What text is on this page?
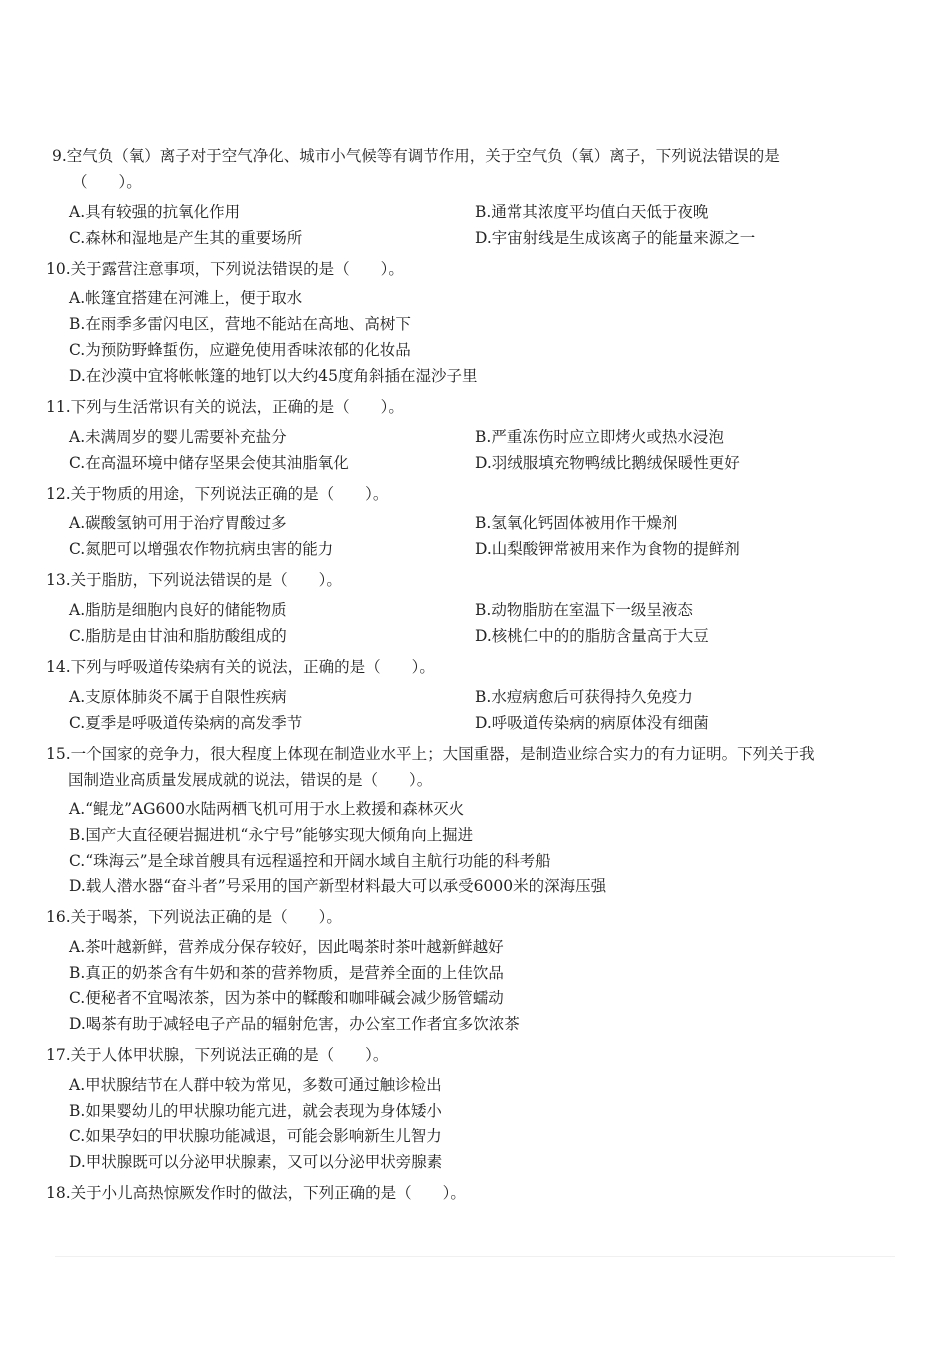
9.空气负（氧）离子对于空气净化、城市小气候等有调节作用，关于空气负（氧）离子，下列说法错误的是
（　　）。
A.具有较强的抗氧化作用	B.通常其浓度平均值白天低于夜晚
C.森林和湿地是产生其的重要场所	D.宇宙射线是生成该离子的能量来源之一
10.关于露营注意事项，下列说法错误的是（　　）。
A.帐篷宜搭建在河滩上，便于取水
B.在雨季多雷闪电区，营地不能站在高地、高树下
C.为预防野蜂蜇伤，应避免使用香味浓郁的化妆品
D.在沙漠中宜将帐帐篷的地钉以大约45度角斜插在湿沙子里
11.下列与生活常识有关的说法，正确的是（　　）。
A.未满周岁的婴儿需要补充盐分	B.严重冻伤时应立即烤火或热水浸泡
C.在高温环境中储存坚果会使其油脂氧化	D.羽绒服填充物鸭绒比鹅绒保暖性更好
12.关于物质的用途，下列说法正确的是（　　）。
A.碳酸氢钠可用于治疗胃酸过多	B.氢氧化钙固体被用作干燥剂
C.氮肥可以增强农作物抗病虫害的能力	D.山梨酸钾常被用来作为食物的提鲜剂
13.关于脂肪，下列说法错误的是（　　）。
A.脂肪是细胞内良好的储能物质	B.动物脂肪在室温下一级呈液态
C.脂肪是由甘油和脂肪酸组成的	D.核桃仁中的的脂肪含量高于大豆
14.下列与呼吸道传染病有关的说法，正确的是（　　）。
A.支原体肺炎不属于自限性疾病	B.水痘病愈后可获得持久免疫力
C.夏季是呼吸道传染病的高发季节	D.呼吸道传染病的病原体没有细菌
15.一个国家的竞争力，很大程度上体现在制造业水平上；大国重器，是制造业综合实力的有力证明。下列关于我
国制造业高质量发展成就的说法，错误的是（　　）。
A.“鲲龙”AG600水陆两栖飞机可用于水上救援和森林灭火
B.国产大直径硬岩掘进机“永宁号”能够实现大倾角向上掘进
C.“珠海云”是全球首艘具有远程遥控和开阔水域自主航行功能的科考船
D.载人潜水器“奋斗者”号采用的国产新型材料最大可以承受6000米的深海压强
16.关于喝茶，下列说法正确的是（　　）。
A.茶叶越新鲜，营养成分保存较好，因此喝茶时茶叶越新鲜越好
B.真正的奶茶含有牛奶和茶的营养物质，是营养全面的上佳饮品
C.便秘者不宜喝浓茶，因为茶中的鞣酸和咖啡碱会减少肠管蠕动
D.喝茶有助于减轻电子产品的辐射危害，办公室工作者宜多饮浓茶
17.关于人体甲状腺，下列说法正确的是（　　）。
A.甲状腺结节在人群中较为常见，多数可通过触诊检出
B.如果婴幼儿的甲状腺功能亢进，就会表现为身体矮小
C.如果孕妇的甲状腺功能减退，可能会影响新生儿智力
D.甲状腺既可以分泌甲状腺素，又可以分泌甲状旁腺素
18.关于小儿高热惊厥发作时的做法，下列正确的是（　　）。
